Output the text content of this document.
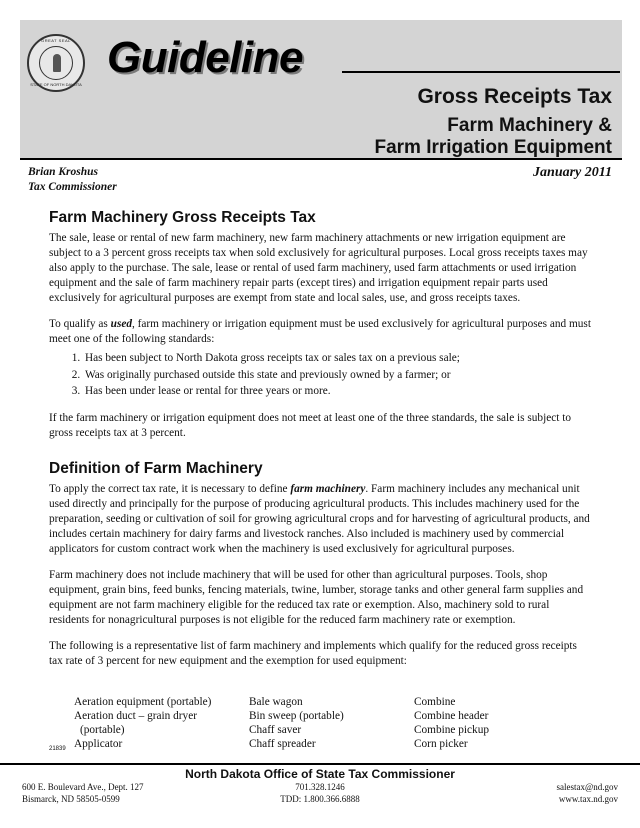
GREAT SEAL
STATE OF NORTH DAKOTA
Guideline
Gross Receipts Tax
Farm Machinery &
Farm Irrigation Equipment
Brian Kroshus
Tax Commissioner
January 2011
Farm Machinery Gross Receipts Tax

The sale, lease or rental of new farm machinery, new farm machinery attachments or new irrigation equipment are subject to a 3 percent gross receipts tax when sold exclusively for agricultural purposes. Local gross receipts taxes may also apply to the purchase. The sale, lease or rental of used farm machinery, used farm attachments or used irrigation equipment and the sale of farm machinery repair parts (except tires) and irrigation equipment repair parts used exclusively for agricultural purposes are exempt from state and local sales, use, and gross receipts taxes.

To qualify as used, farm machinery or irrigation equipment must be used exclusively for agricultural purposes and must meet one of the following standards:

1. Has been subject to North Dakota gross receipts tax or sales tax on a previous sale;
2. Was originally purchased outside this state and previously owned by a farmer; or
3. Has been under lease or rental for three years or more.

If the farm machinery or irrigation equipment does not meet at least one of the three standards, the sale is subject to gross receipts tax at 3 percent.

Definition of Farm Machinery

To apply the correct tax rate, it is necessary to define farm machinery. Farm machinery includes any mechanical unit used directly and principally for the purpose of producing agricultural products. This includes machinery used for the preparation, seeding or cultivation of soil for growing agricultural crops and for harvesting of agricultural products, and includes certain machinery for dairy farms and livestock ranches. Also included is machinery used by commercial applicators for custom contract work when the machinery is used exclusively for agricultural purposes.

Farm machinery does not include machinery that will be used for other than agricultural purposes. Tools, shop equipment, grain bins, feed bunks, fencing materials, twine, lumber, storage tanks and other general farm supplies and equipment are not farm machinery eligible for the reduced tax rate or exemption. Also, machinery sold to rural residents for nonagricultural purposes is not eligible for the reduced farm machinery rate or exemption.

The following is a representative list of farm machinery and implements which qualify for the reduced gross receipts tax rate of 3 percent for new equipment and the exemption for used equipment:

Aeration equipment (portable)	Bale wagon	Combine
Aeration duct – grain dryer	Bin sweep (portable)	Combine header
(portable)	Chaff saver	Combine pickup
Applicator	Chaff spreader	Corn picker
21839
North Dakota Office of State Tax Commissioner
600 E. Boulevard Ave., Dept. 127
Bismarck, ND 58505-0599
701.328.1246
TDD: 1.800.366.6888
salestax@nd.gov
www.tax.nd.gov
